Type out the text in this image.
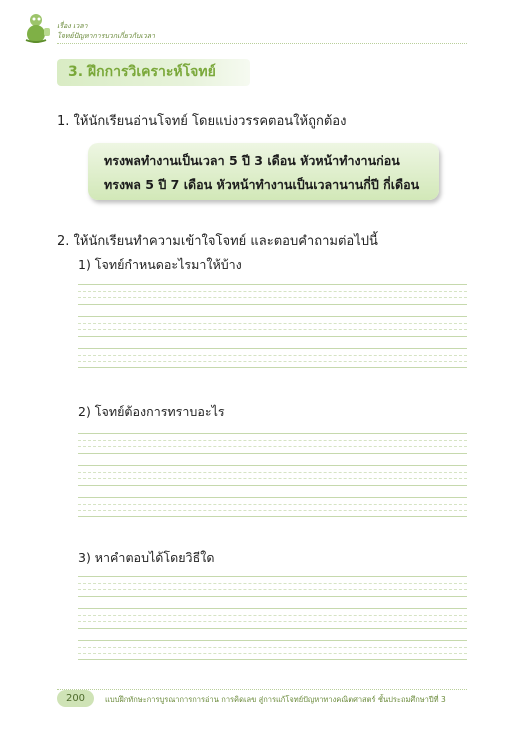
เรื่อง เวลา
โจทย์ปัญหาการบวกเกี่ยวกับเวลา
3. ฝึกการวิเคราะห์โจทย์
1. ให้นักเรียนอ่านโจทย์ โดยแบ่งวรรคตอนให้ถูกต้อง
ทรงพลทำงานเป็นเวลา 5 ปี 3 เดือน หัวหน้าทำงานก่อน
ทรงพล 5 ปี 7 เดือน หัวหน้าทำงานเป็นเวลานานกี่ปี กี่เดือน
2. ให้นักเรียนทำความเข้าใจโจทย์ และตอบคำถามต่อไปนี้
1) โจทย์กำหนดอะไรมาให้บ้าง
2) โจทย์ต้องการทราบอะไร
3) หาคำตอบได้โดยวิธีใด
200	แบบฝึกทักษะการบูรณาการการอ่าน การคิดเลข สู่การแก้โจทย์ปัญหาทางคณิตศาสตร์ ชั้นประถมศึกษาปีที่ 3
